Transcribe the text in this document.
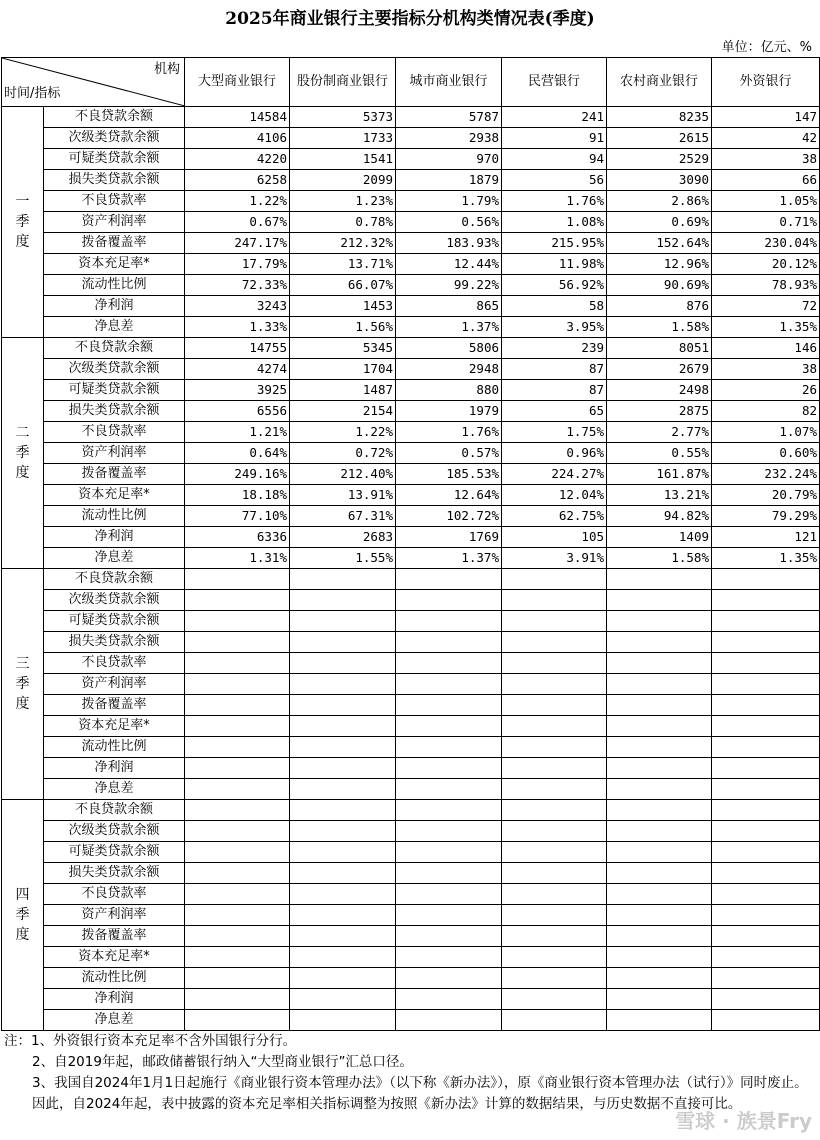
2025年商业银行主要指标分机构类情况表(季度)
单位：亿元、%
机构
时间/指标		大型商业银行	股份制商业银行	城市商业银行	民营银行	农村商业银行	外资银行

一季度	不良贷款余额	14584	5373	5787	241	8235	147
	次级类贷款余额	4106	1733	2938	91	2615	42
	可疑类贷款余额	4220	1541	970	94	2529	38
	损失类贷款余额	6258	2099	1879	56	3090	66
	不良贷款率	1.22%	1.23%	1.79%	1.76%	2.86%	1.05%
	资产利润率	0.67%	0.78%	0.56%	1.08%	0.69%	0.71%
	拨备覆盖率	247.17%	212.32%	183.93%	215.95%	152.64%	230.04%
	资本充足率*	17.79%	13.71%	12.44%	11.98%	12.96%	20.12%
	流动性比例	72.33%	66.07%	99.22%	56.92%	90.69%	78.93%
	净利润	3243	1453	865	58	876	72
	净息差	1.33%	1.56%	1.37%	3.95%	1.58%	1.35%

二季度	不良贷款余额	14755	5345	5806	239	8051	146
	次级类贷款余额	4274	1704	2948	87	2679	38
	可疑类贷款余额	3925	1487	880	87	2498	26
	损失类贷款余额	6556	2154	1979	65	2875	82
	不良贷款率	1.21%	1.22%	1.76%	1.75%	2.77%	1.07%
	资产利润率	0.64%	0.72%	0.57%	0.96%	0.55%	0.60%
	拨备覆盖率	249.16%	212.40%	185.53%	224.27%	161.87%	232.24%
	资本充足率*	18.18%	13.91%	12.64%	12.04%	13.21%	20.79%
	流动性比例	77.10%	67.31%	102.72%	62.75%	94.82%	79.29%
	净利润	6336	2683	1769	105	1409	121
	净息差	1.31%	1.55%	1.37%	3.91%	1.58%	1.35%

三季度	不良贷款余额						
	次级类贷款余额						
	可疑类贷款余额						
	损失类贷款余额						
	不良贷款率						
	资产利润率						
	拨备覆盖率						
	资本充足率*						
	流动性比例						
	净利润						
	净息差						

四季度	不良贷款余额						
	次级类贷款余额						
	可疑类贷款余额						
	损失类贷款余额						
	不良贷款率						
	资产利润率						
	拨备覆盖率						
	资本充足率*						
	流动性比例						
	净利润						
	净息差						

注：1、外资银行资本充足率不含外国银行分行。

2、自2019年起，邮政储蓄银行纳入“大型商业银行”汇总口径。

3、我国自2024年1月1日起施行《商业银行资本管理办法》（以下称《新办法》），原《商业银行资本管理办法（试行）》同时废止。因此，自2024年起，表中披露的资本充足率相关指标调整为按照《新办法》计算的数据结果，与历史数据不直接可比。

雪球 · 族景Fry
